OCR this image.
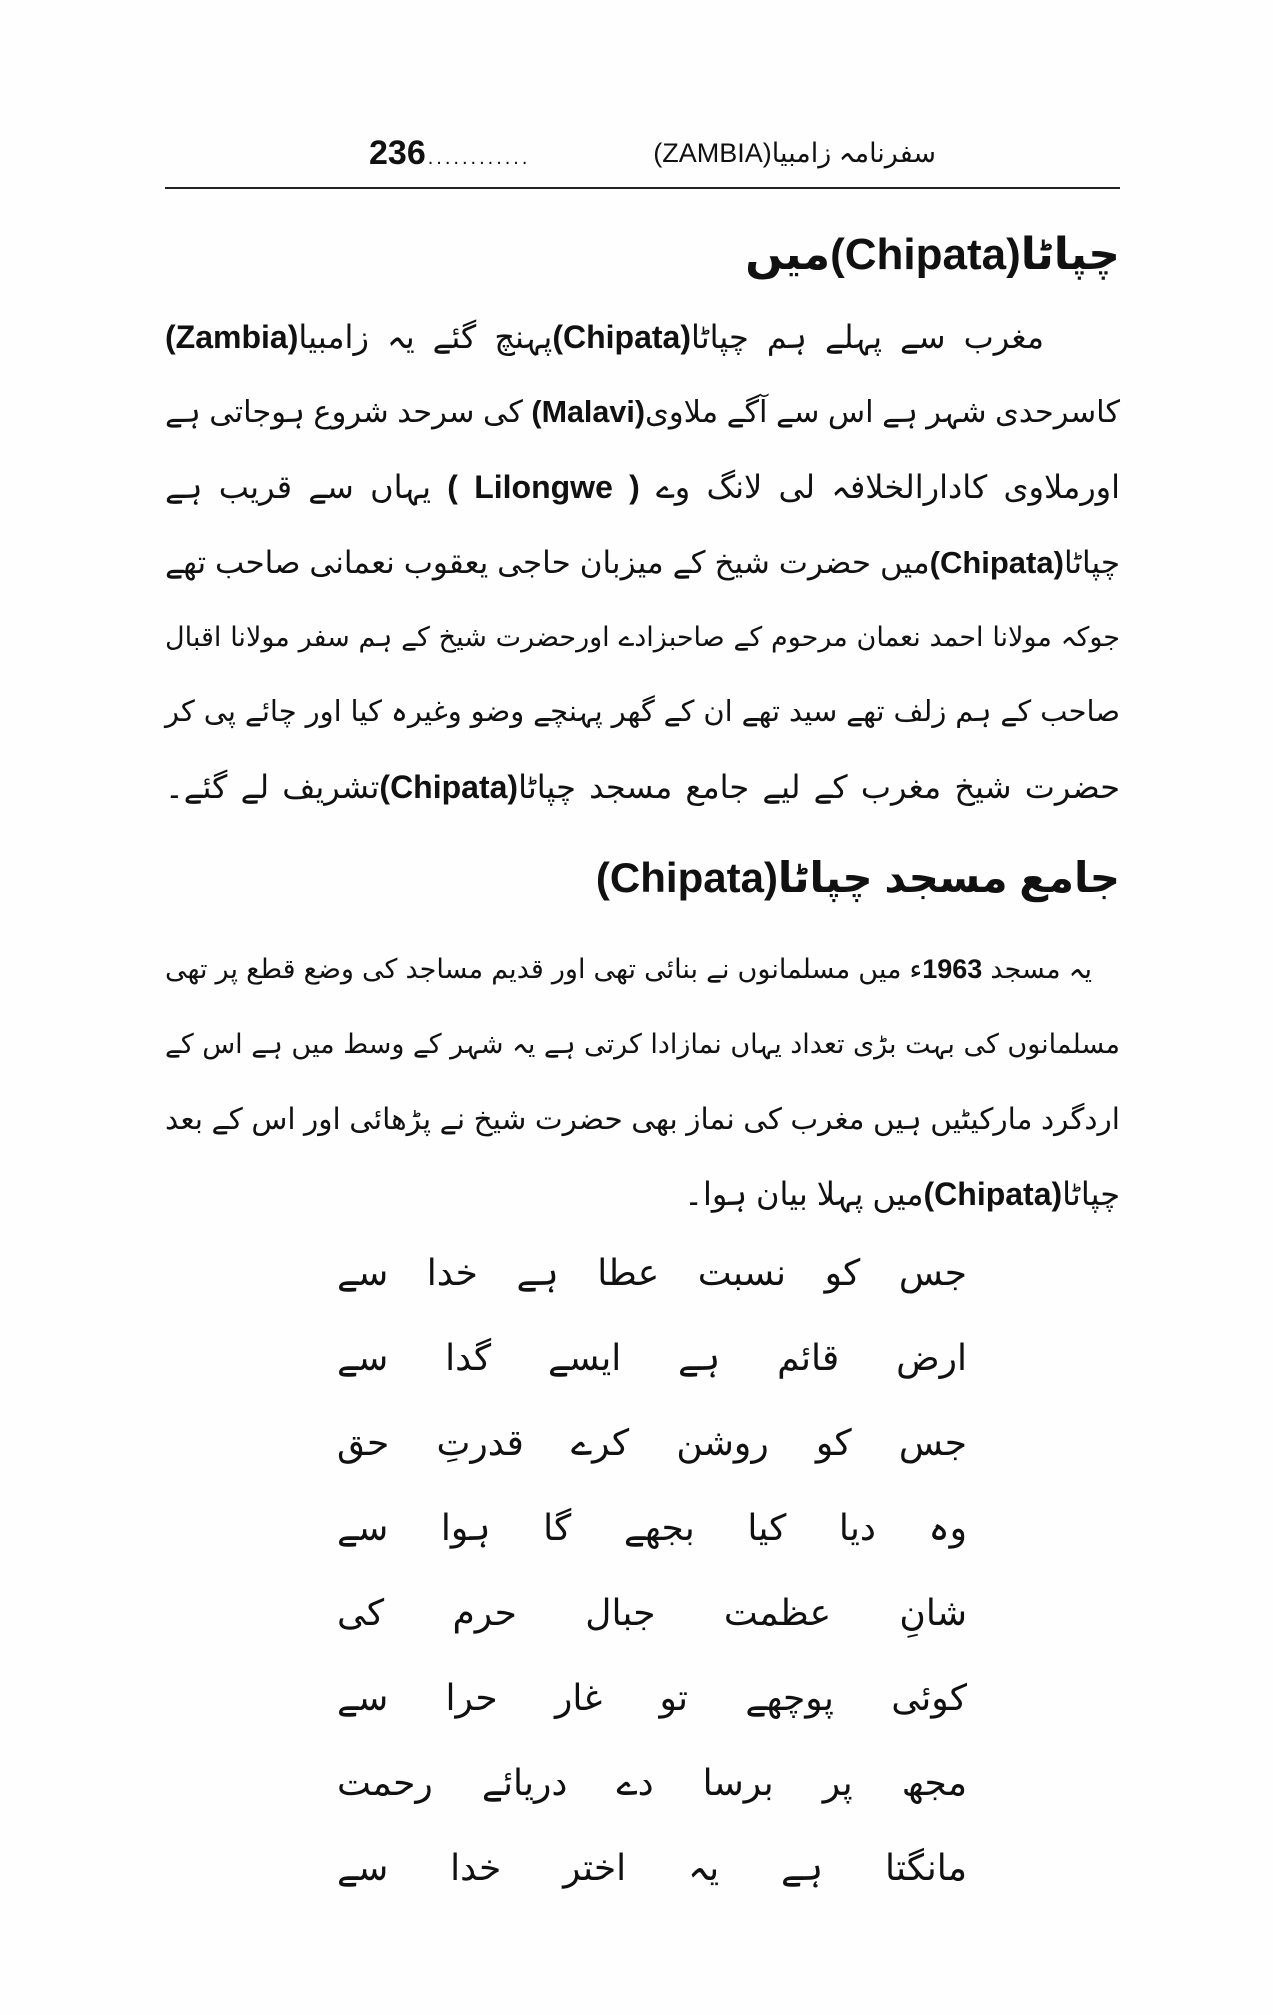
236 ............	سفرنامہ زامبیا(ZAMBIA)
چپاٹا(Chipata)میں
مغرب سے پہلے ہم چپاٹا(Chipata)پہنچ گئے یہ زامبیا(Zambia)
کاسرحدی شہر ہے اس سے آگے ملاوی(Malavi) کی سرحد شروع ہوجاتی ہے
اورملاوی کادارالخلافہ لی لانگ وے ( Lilongwe ) یہاں سے قریب ہے
چپاٹا(Chipata)میں حضرت شیخ کے میزبان حاجی یعقوب نعمانی صاحب تھے
جوکہ مولانا احمد نعمان مرحوم کے صاحبزادے اورحضرت شیخ کے ہم سفر مولانا اقبال
صاحب کے ہم زلف تھے سید تھے ان کے گھر پہنچے وضو وغیرہ کیا اور چائے پی کر
حضرت شیخ مغرب کے لیے جامع مسجد چپاٹا(Chipata)تشریف لے گئے۔
جامع مسجد چپاٹا(Chipata)
یہ مسجد 1963ء میں مسلمانوں نے بنائی تھی اور قدیم مساجد کی وضع قطع پر تھی
مسلمانوں کی بہت بڑی تعداد یہاں نمازادا کرتی ہے یہ شہر کے وسط میں ہے اس کے
اردگرد مارکیٹیں ہیں مغرب کی نماز بھی حضرت شیخ نے پڑھائی اور اس کے بعد
چپاٹا(Chipata)میں پہلا بیان ہوا۔
جس کو نسبت عطا ہے خدا سے
ارض قائم ہے ایسے گدا سے
جس کو روشن کرے قدرتِ حق
وہ دیا کیا بجھے گا ہوا سے
شانِ عظمت جبال حرم کی
کوئی پوچھے تو غار حرا سے
مجھ پر برسا دے دریائے رحمت
مانگتا ہے یہ اختر خدا سے
